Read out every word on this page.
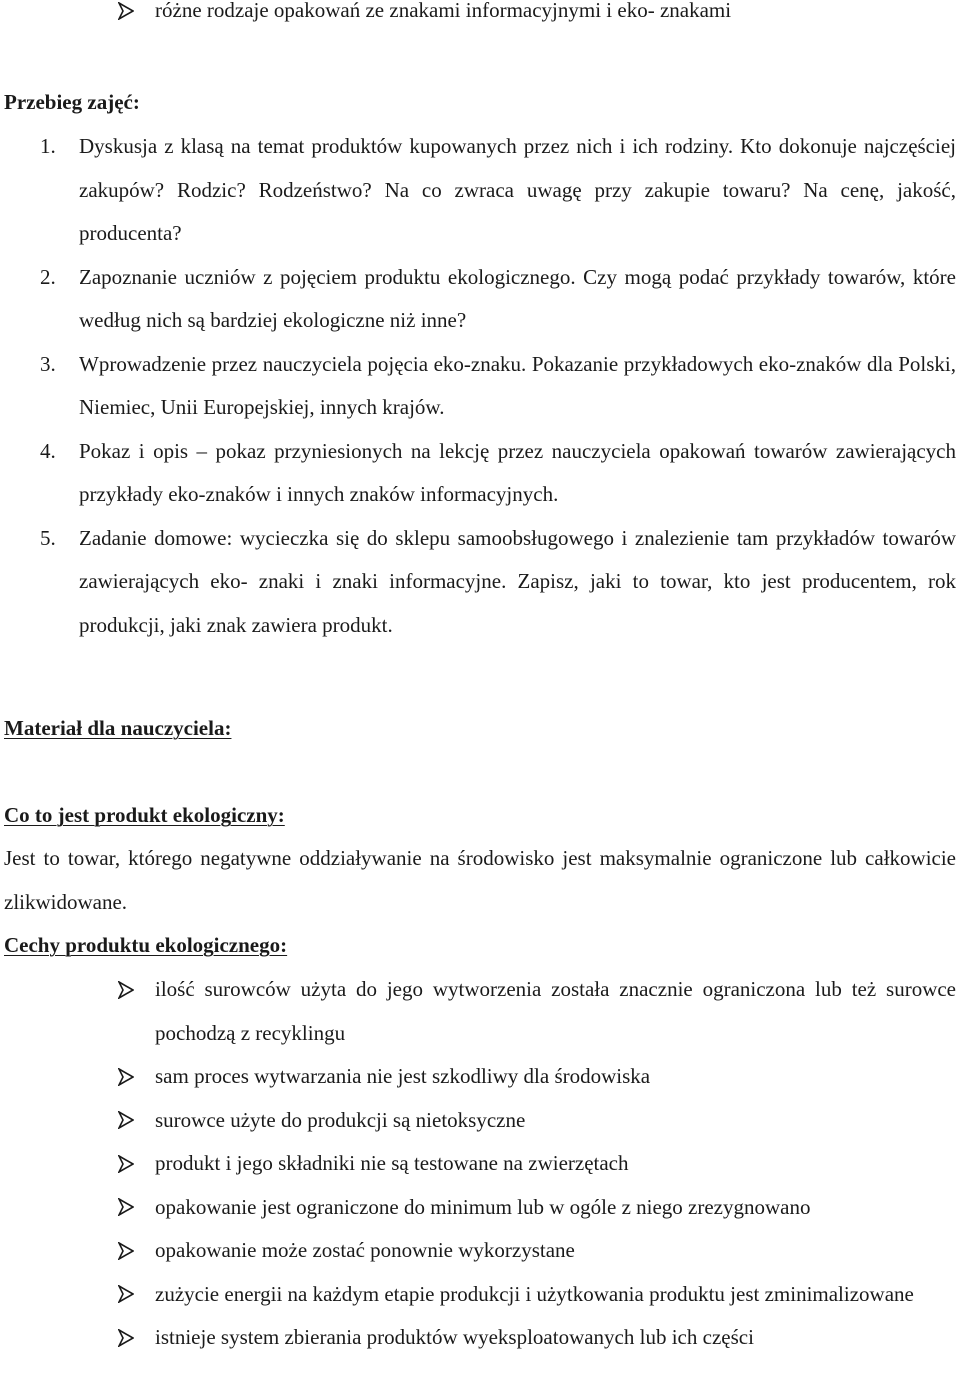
różne rodzaje opakowań ze znakami informacyjnymi i eko- znakami

Przebieg zajęć:

1. Dyskusja z klasą na temat produktów kupowanych przez nich i ich rodziny. Kto dokonuje najczęściej zakupów? Rodzic? Rodzeństwo? Na co zwraca uwagę przy zakupie towaru? Na cenę, jakość, producenta?
2. Zapoznanie uczniów z pojęciem produktu ekologicznego. Czy mogą podać przykłady towarów, które według nich są bardziej ekologiczne niż inne?
3. Wprowadzenie przez nauczyciela pojęcia eko-znaku. Pokazanie przykładowych eko-znaków dla Polski, Niemiec, Unii Europejskiej, innych krajów.
4. Pokaz i opis – pokaz przyniesionych na lekcję przez nauczyciela opakowań towarów zawierających przykłady eko-znaków i innych znaków informacyjnych.
5. Zadanie domowe: wycieczka się do sklepu samoobsługowego i znalezienie tam przykładów towarów zawierających eko- znaki i znaki informacyjne. Zapisz, jaki to towar, kto jest producentem, rok produkcji, jaki znak zawiera produkt.

Materiał dla nauczyciela:

Co to jest produkt ekologiczny:

Jest to towar, którego negatywne oddziaływanie na środowisko jest maksymalnie ograniczone lub całkowicie zlikwidowane.

Cechy produktu ekologicznego:

ilość surowców użyta do jego wytworzenia została znacznie ograniczona lub też surowce pochodzą z recyklingu
sam proces wytwarzania nie jest szkodliwy dla środowiska
surowce użyte do produkcji są nietoksyczne
produkt i jego składniki nie są testowane na zwierzętach
opakowanie jest ograniczone do minimum lub w ogóle z niego zrezygnowano
opakowanie może zostać ponownie wykorzystane
zużycie energii na każdym etapie produkcji i użytkowania produktu jest zminimalizowane
istnieje system zbierania produktów wyeksploatowanych lub ich części
